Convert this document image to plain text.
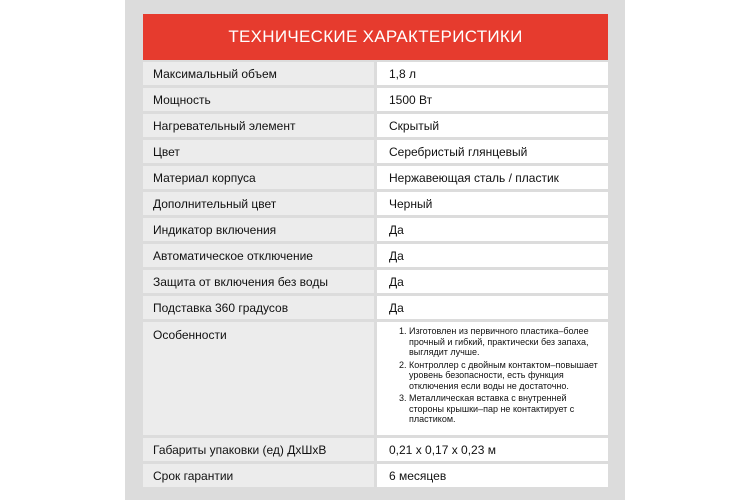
ТЕХНИЧЕСКИЕ ХАРАКТЕРИСТИКИ
Максимальный объем	1,8 л
Мощность	1500 Вт
Нагревательный элемент	Скрытый
Цвет	Серебристый глянцевый
Материал корпуса	Нержавеющая сталь / пластик
Дополнительный цвет	Черный
Индикатор включения	Да
Автоматическое отключение	Да
Защита от включения без воды	Да
Подставка 360 градусов	Да
Особенности
1.	Изготовлен из первичного пластика–более прочный и гибкий, практически без запаха, выглядит лучше.
2. Контроллер с двойным контактом–повышает уровень безопасности, есть функция отключения если воды не достаточно.
3. Металлическая вставка с внутренней стороны крышки–пар не контактирует с пластиком.
Габариты упаковки (ед) ДхШхВ	0,21 x 0,17 x 0,23 м
Срок гарантии	6 месяцев
